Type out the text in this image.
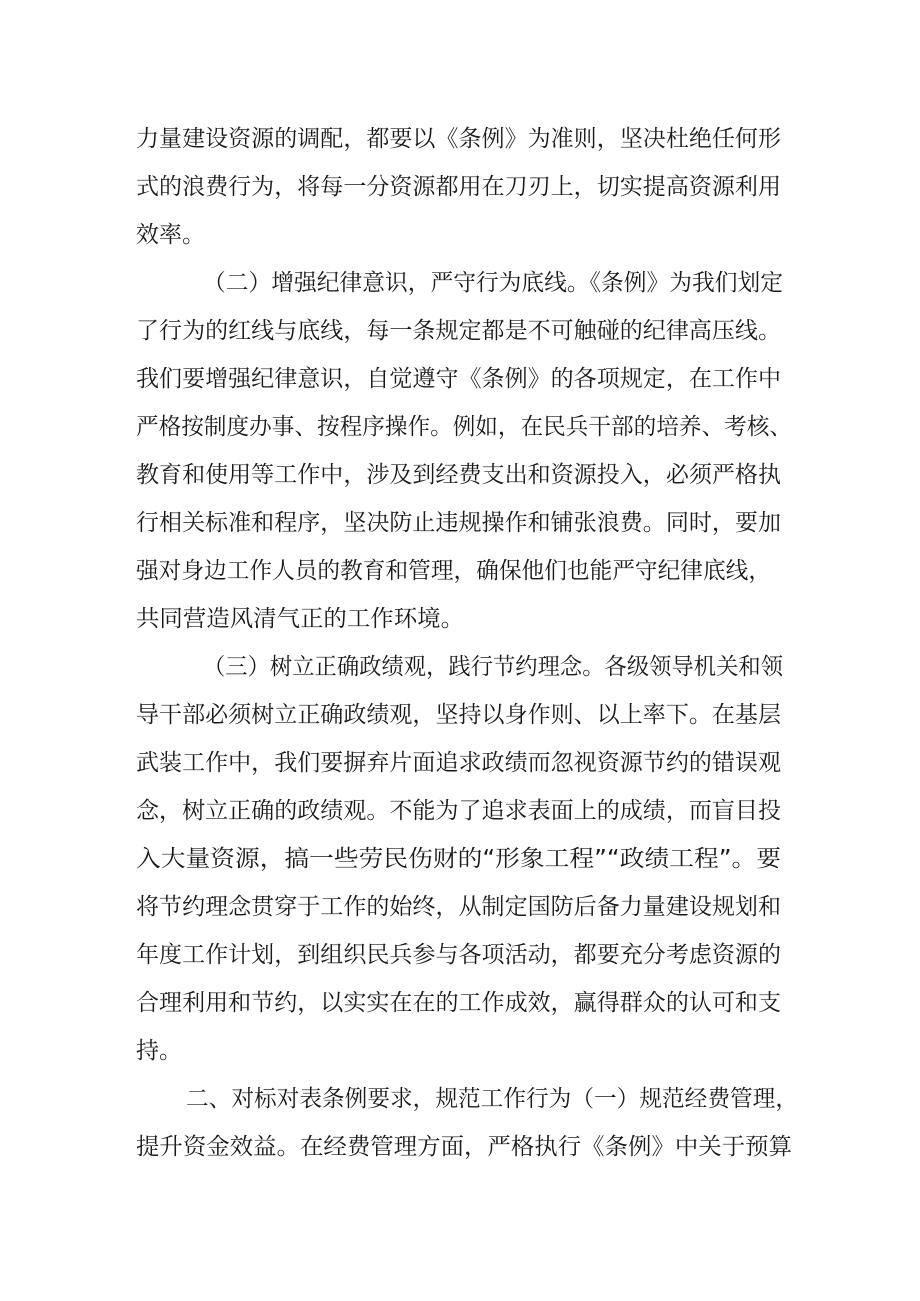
力量建设资源的调配，都要以《条例》为准则，坚决杜绝任何形
式的浪费行为，将每一分资源都用在刀刃上，切实提高资源利用
效率。
（二）增强纪律意识，严守行为底线。《条例》为我们划定
了行为的红线与底线，每一条规定都是不可触碰的纪律高压线。
我们要增强纪律意识，自觉遵守《条例》的各项规定，在工作中
严格按制度办事、按程序操作。例如，在民兵干部的培养、考核、
教育和使用等工作中，涉及到经费支出和资源投入，必须严格执
行相关标准和程序，坚决防止违规操作和铺张浪费。同时，要加
强对身边工作人员的教育和管理，确保他们也能严守纪律底线，
共同营造风清气正的工作环境。
（三）树立正确政绩观，践行节约理念。各级领导机关和领
导干部必须树立正确政绩观，坚持以身作则、以上率下。在基层
武装工作中，我们要摒弃片面追求政绩而忽视资源节约的错误观
念，树立正确的政绩观。不能为了追求表面上的成绩，而盲目投
入大量资源，搞一些劳民伤财的“形象工程”“政绩工程”。要
将节约理念贯穿于工作的始终，从制定国防后备力量建设规划和
年度工作计划，到组织民兵参与各项活动，都要充分考虑资源的
合理利用和节约，以实实在在的工作成效，赢得群众的认可和支
持。
二、对标对表条例要求，规范工作行为（一）规范经费管理，
提升资金效益。在经费管理方面，严格执行《条例》中关于预算
